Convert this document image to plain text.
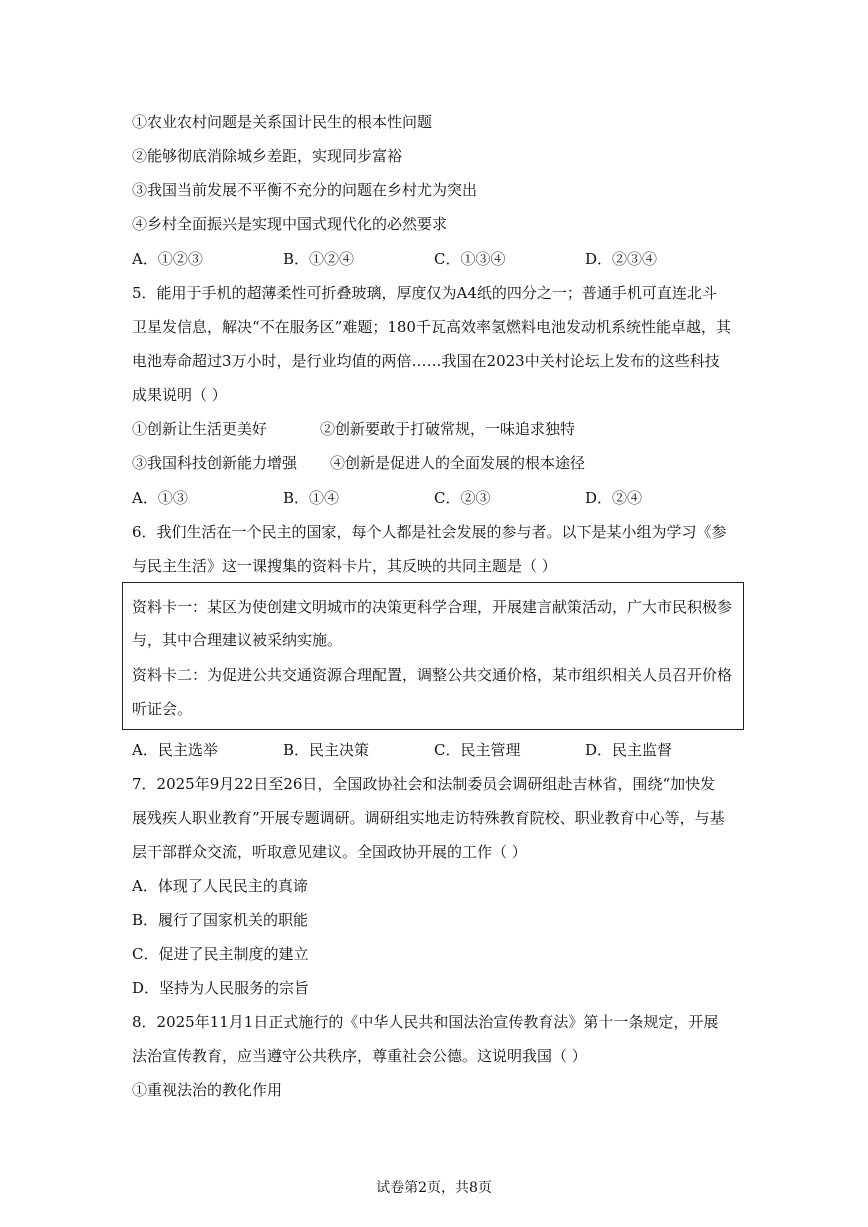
①农业农村问题是关系国计民生的根本性问题
②能够彻底消除城乡差距，实现同步富裕
③我国当前发展不平衡不充分的问题在乡村尤为突出
④乡村全面振兴是实现中国式现代化的必然要求
A．①②③	B．①②④	C．①③④	D．②③④
5．能用于手机的超薄柔性可折叠玻璃，厚度仅为A4纸的四分之一；普通手机可直连北斗
卫星发信息，解决“不在服务区”难题；180千瓦高效率氢燃料电池发动机系统性能卓越，其
电池寿命超过3万小时，是行业均值的两倍……我国在2023中关村论坛上发布的这些科技
成果说明（ ）
①创新让生活更美好	②创新要敢于打破常规，一味追求独特
③我国科技创新能力增强 ④创新是促进人的全面发展的根本途径
A．①③	B．①④	C．②③	D．②④
6．我们生活在一个民主的国家，每个人都是社会发展的参与者。以下是某小组为学习《参
与民主生活》这一课搜集的资料卡片，其反映的共同主题是（ ）
资料卡一：某区为使创建文明城市的决策更科学合理，开展建言献策活动，广大市民积极参
与，其中合理建议被采纳实施。
资料卡二：为促进公共交通资源合理配置，调整公共交通价格，某市组织相关人员召开价格
听证会。
A．民主选举	B．民主决策	C．民主管理	D．民主监督
7．2025年9月22日至26日，全国政协社会和法制委员会调研组赴吉林省，围绕“加快发
展残疾人职业教育”开展专题调研。调研组实地走访特殊教育院校、职业教育中心等，与基
层干部群众交流，听取意见建议。全国政协开展的工作（ ）
A．体现了人民民主的真谛
B．履行了国家机关的职能
C．促进了民主制度的建立
D．坚持为人民服务的宗旨
8．2025年11月1日正式施行的《中华人民共和国法治宣传教育法》第十一条规定，开展
法治宣传教育，应当遵守公共秩序，尊重社会公德。这说明我国（ ）
①重视法治的教化作用
试卷第2页，共8页
